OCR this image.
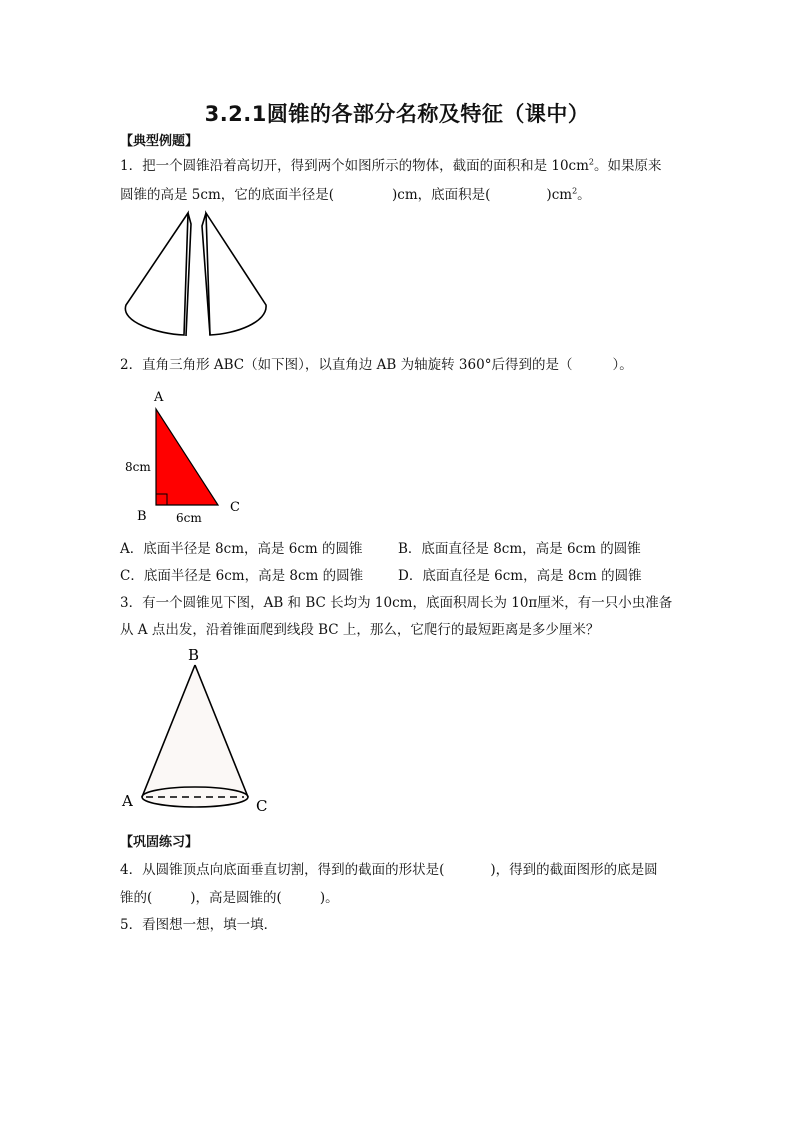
3.2.1圆锥的各部分名称及特征（课中）
【典型例题】
1．把一个圆锥沿着高切开，得到两个如图所示的物体，截面的面积和是 $10cm^2$。如果原来
圆锥的高是 5cm，它的底面半径是(	)cm，底面积是(	)$cm^2$。
2．直角三角形 ABC（如下图），以直角边 AB 为轴旋转 360°后得到的是（	）。
A
B
C
8cm
6cm
A．底面半径是 8cm，高是 6cm 的圆锥	B．底面直径是 8cm，高是 6cm 的圆锥
C．底面半径是 6cm，高是 8cm 的圆锥	D．底面直径是 6cm，高是 8cm 的圆锥
3．有一个圆锥见下图，AB 和 BC 长均为 10cm，底面积周长为 10π厘米，有一只小虫准备
从 A 点出发，沿着锥面爬到线段 BC 上，那么，它爬行的最短距离是多少厘米？
B
A	C
【巩固练习】
4．从圆锥顶点向底面垂直切割，得到的截面的形状是(	)，得到的截面图形的底是圆
锥的(	)，高是圆锥的(	)。
5．看图想一想，填一填．
